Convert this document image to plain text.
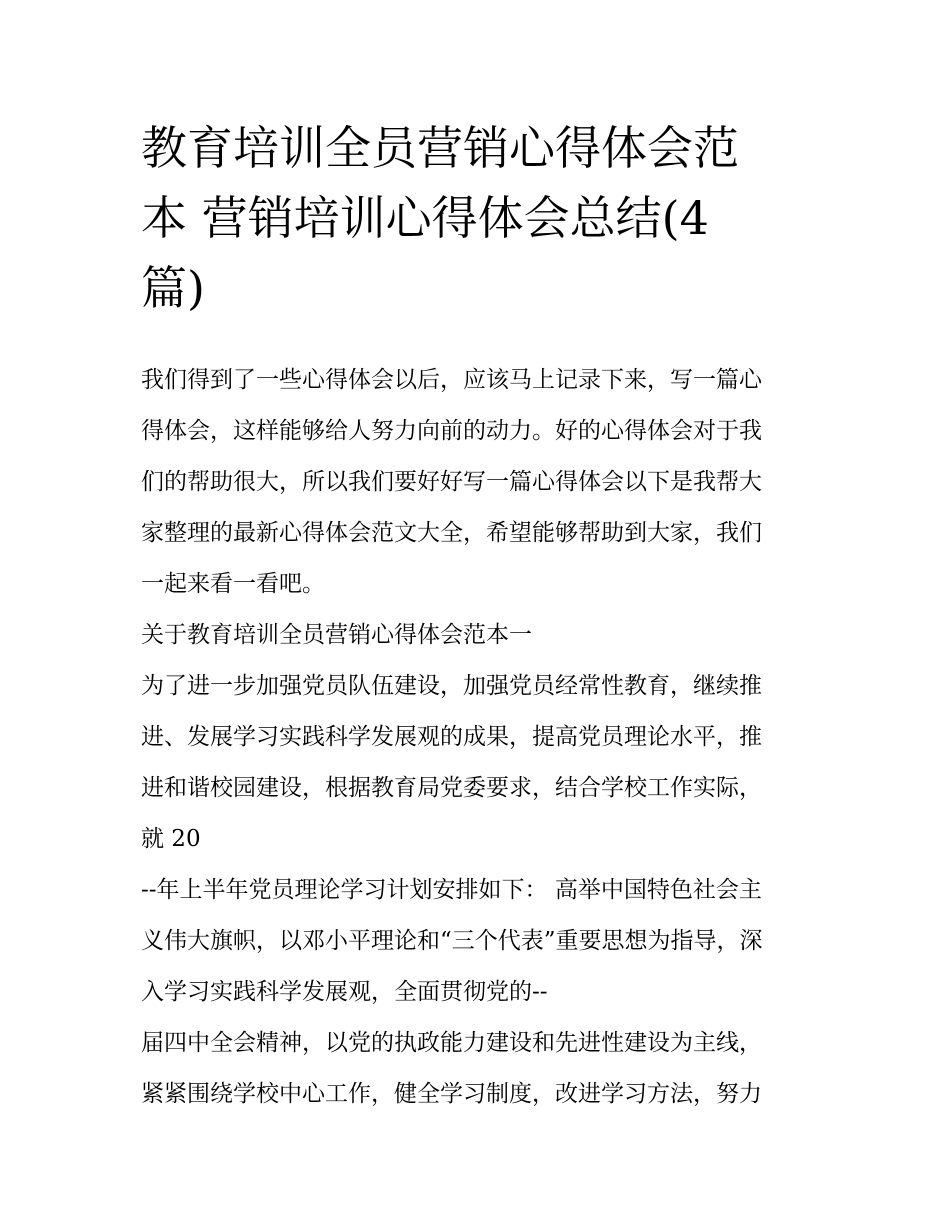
教育培训全员营销心得体会范
本 营销培训心得体会总结(4
篇)
我们得到了一些心得体会以后，应该马上记录下来，写一篇心
得体会，这样能够给人努力向前的动力。好的心得体会对于我
们的帮助很大，所以我们要好好写一篇心得体会以下是我帮大
家整理的最新心得体会范文大全，希望能够帮助到大家，我们
一起来看一看吧。
关于教育培训全员营销心得体会范本一
为了进一步加强党员队伍建设，加强党员经常性教育，继续推
进、发展学习实践科学发展观的成果，提高党员理论水平，推
进和谐校园建设，根据教育局党委要求，结合学校工作实际，
就 20
--年上半年党员理论学习计划安排如下： 高举中国特色社会主
义伟大旗帜，以邓小平理论和“三个代表”重要思想为指导，深
入学习实践科学发展观，全面贯彻党的--
届四中全会精神，以党的执政能力建设和先进性建设为主线，
紧紧围绕学校中心工作，健全学习制度，改进学习方法，努力
